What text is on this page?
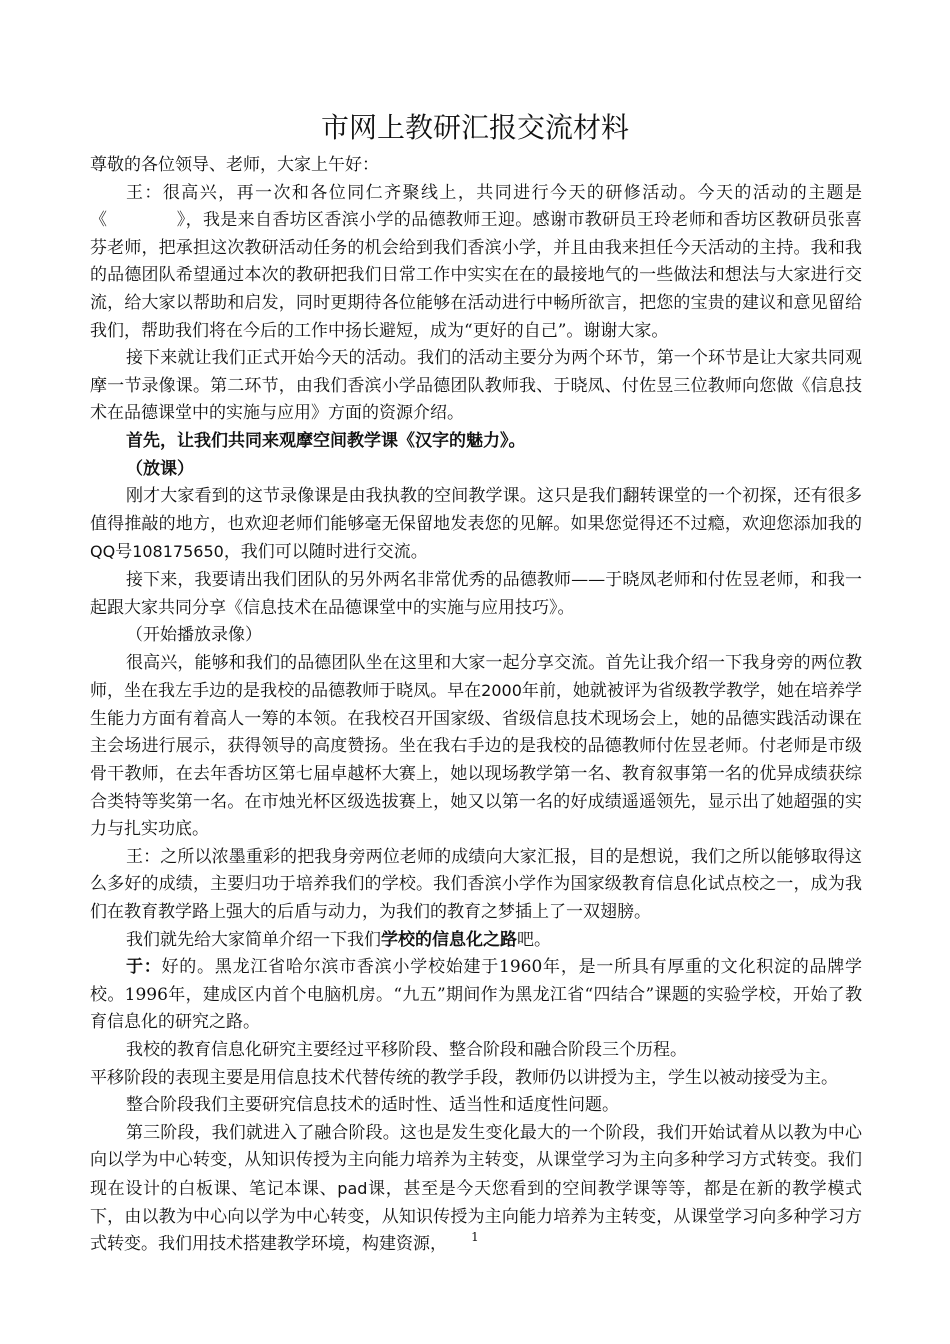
市网上教研汇报交流材料

尊敬的各位领导、老师，大家上午好：

王：很高兴，再一次和各位同仁齐聚线上，共同进行今天的研修活动。今天的活动的主题是《　　　　》，我是来自香坊区香滨小学的品德教师王迎。感谢市教研员王玲老师和香坊区教研员张喜芬老师，把承担这次教研活动任务的机会给到我们香滨小学，并且由我来担任今天活动的主持。我和我的品德团队希望通过本次的教研把我们日常工作中实实在在的最接地气的一些做法和想法与大家进行交流，给大家以帮助和启发，同时更期待各位能够在活动进行中畅所欲言，把您的宝贵的建议和意见留给我们，帮助我们将在今后的工作中扬长避短，成为“更好的自己”。谢谢大家。

接下来就让我们正式开始今天的活动。我们的活动主要分为两个环节，第一个环节是让大家共同观摩一节录像课。第二环节，由我们香滨小学品德团队教师我、于晓凤、付佐昱三位教师向您做《信息技术在品德课堂中的实施与应用》方面的资源介绍。

首先，让我们共同来观摩空间教学课《汉字的魅力》。

（放课）

刚才大家看到的这节录像课是由我执教的空间教学课。这只是我们翻转课堂的一个初探，还有很多值得推敲的地方，也欢迎老师们能够毫无保留地发表您的见解。如果您觉得还不过瘾，欢迎您添加我的QQ号108175650，我们可以随时进行交流。

接下来，我要请出我们团队的另外两名非常优秀的品德教师——于晓凤老师和付佐昱老师，和我一起跟大家共同分享《信息技术在品德课堂中的实施与应用技巧》。

（开始播放录像）

很高兴，能够和我们的品德团队坐在这里和大家一起分享交流。首先让我介绍一下我身旁的两位教师，坐在我左手边的是我校的品德教师于晓凤。早在2000年前，她就被评为省级教学教学，她在培养学生能力方面有着高人一筹的本领。在我校召开国家级、省级信息技术现场会上，她的品德实践活动课在主会场进行展示，获得领导的高度赞扬。坐在我右手边的是我校的品德教师付佐昱老师。付老师是市级骨干教师，在去年香坊区第七届卓越杯大赛上，她以现场教学第一名、教育叙事第一名的优异成绩获综合类特等奖第一名。在市烛光杯区级选拔赛上，她又以第一名的好成绩遥遥领先，显示出了她超强的实力与扎实功底。

王：之所以浓墨重彩的把我身旁两位老师的成绩向大家汇报，目的是想说，我们之所以能够取得这么多好的成绩，主要归功于培养我们的学校。我们香滨小学作为国家级教育信息化试点校之一，成为我们在教育教学路上强大的后盾与动力，为我们的教育之梦插上了一双翅膀。

我们就先给大家简单介绍一下我们学校的信息化之路吧。

于：好的。黑龙江省哈尔滨市香滨小学校始建于1960年，是一所具有厚重的文化积淀的品牌学校。1996年，建成区内首个电脑机房。“九五”期间作为黑龙江省“四结合”课题的实验学校，开始了教育信息化的研究之路。

我校的教育信息化研究主要经过平移阶段、整合阶段和融合阶段三个历程。

平移阶段的表现主要是用信息技术代替传统的教学手段，教师仍以讲授为主，学生以被动接受为主。

整合阶段我们主要研究信息技术的适时性、适当性和适度性问题。

第三阶段，我们就进入了融合阶段。这也是发生变化最大的一个阶段，我们开始试着从以教为中心向以学为中心转变，从知识传授为主向能力培养为主转变，从课堂学习为主向多种学习方式转变。我们现在设计的白板课、笔记本课、pad课，甚至是今天您看到的空间教学课等等，都是在新的教学模式下，由以教为中心向以学为中心转变，从知识传授为主向能力培养为主转变，从课堂学习向多种学习方式转变。我们用技术搭建教学环境，构建资源，	1
